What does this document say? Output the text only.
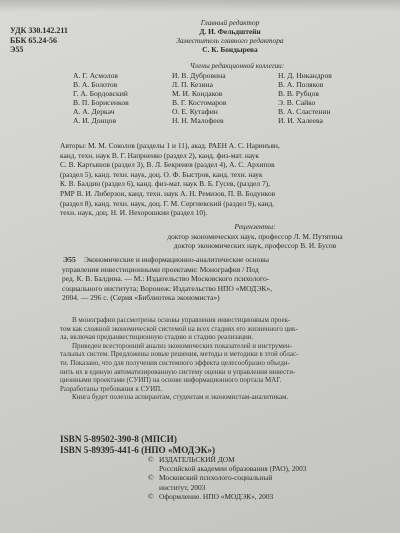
УДК 330.142.211
ББК 65.24-56
Э55
Главный редактор
Д. И. Фельдштейн
Заместитель главного редактора
С. К. Бондырева
Члены редакционной коллегии:
А. Г. Асмолов
В. А. Болотов
Г. А. Бордовский
В. П. Борисенков
А. А. Деркач
А. И. Донцов
И. В. Дубровина
Л. П. Кезина
М. И. Кондаков
В. Г. Костомаров
О. Е. Кутафин
Н. Н. Малофеев
Н. Д. Никандров
В. А. Поляков
В. В. Рубцов
Э. В. Сайко
В. А. Сластенин
И. И. Халеева
Авторы: М. М. Соколов (разделы 1 и 11), акад. РАЕН А. С. Наринъян,
канд. техн. наук В. Г. Напрненко (раздел 2), канд. физ-мат. наук
С. В. Картышов (раздел 3), В. Л. Бекренев (раздел 4), А. С. Архипов
(раздел 5), канд. техн. наук, доц. О. Ф. Быстров, канд. техн. наук
К. В. Балдин (раздел 6), канд. физ-мат. наук В. Б. Гусев, (раздел 7),
РМР В. И. Либерзон, канд. техн. наук А. Н. Ремизов, П. В. Бодунков
(раздел 8), канд. техн. наук, доц. Г. М. Сергиевский (раздел 9), канд.
техн. наук, доц. Н. И. Нехорошкин (раздел 10).
Рецензенты:
доктор экономических наук, профессор Л. М. Путятина
доктор экономических наук, профессор В. И. Бусов
Э55	Экономические и информационно-аналитические основы
управления инвестиционными проектами: Монография / Под
ред. К. В. Балдина. — М.: Издательство Московского психолого-
социального института; Воронеж: Издательство НПО «МОДЭК»,
2004. — 296 с. (Серия «Библиотека экономиста»)
В монографии рассмотрены основы управления инвестиционным проек-
том как сложной экономической системой на всех стадиях его жизненного цик-
ла, включая предынвестиционную стадию и стадию реализации.
Приведен всесторонний анализ экономических показателей и инструмен-
тальных систем. Предложены новые решения, методы и методики в этой облас-
ти. Показано, что для получения системного эффекта целесообразно объеди-
нить их в единую автоматизированную систему оценки и управления инвести-
ционными проектами (СУИП) на основе информационного портала МАГ.
Разработаны требования к СУИП.
Книга будет полезна аспирантам, студентам и экономистам-аналитикам.
ISBN 5-89502-390-8 (МПСИ)
ISBN 5-89395-441-6 (НПО «МОДЭК»)
© ИЗДАТЕЛЬСКИЙ ДОМ
Российской академии образования (РАО), 2003
© Московский психолого-социальный
институт, 2003
© Оформление. НПО «МОДЭК», 2003
